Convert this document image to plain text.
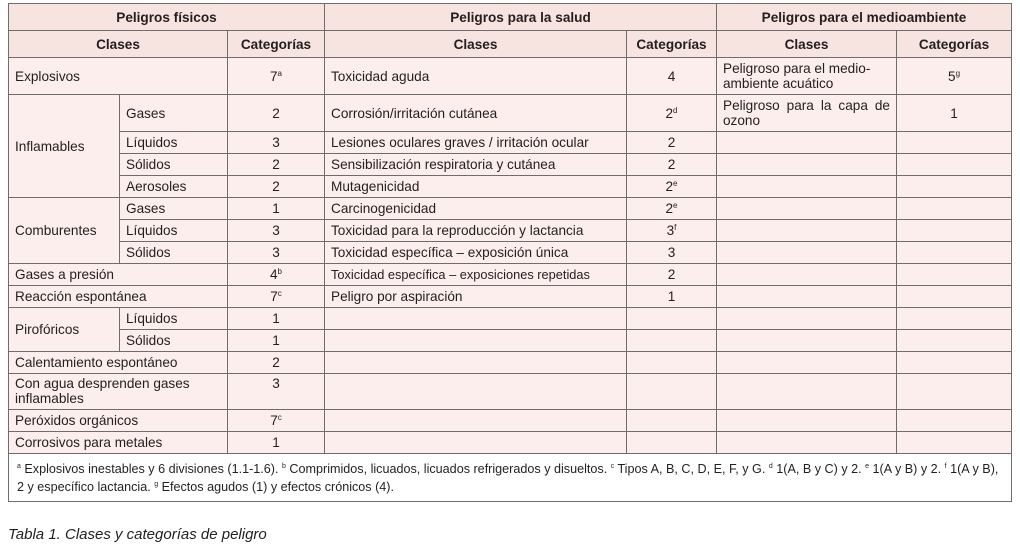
Peligros físicos			Peligros para la salud		Peligros para el medioambiente	
Clases		Categorías	Clases	Categorías	Clases	Categorías
Explosivos		7$^a$	Toxicidad aguda	4	Peligroso para el medio-ambiente acuático	5$^g$
Inflamables	Gases	2	Corrosión/irritación cutánea	2$^d$	Peligroso para la capa de ozono	1
	Líquidos	3	Lesiones oculares graves / irritación ocular	2		
	Sólidos	2	Sensibilización respiratoria y cutánea	2		
	Aerosoles	2	Mutagenicidad	2e		
Comburentes	Gases	1	Carcinogenicidad	2e		
	Líquidos	3	Toxicidad para la reproducción y lactancia	3$^f$		
	Sólidos	3	Toxicidad específica – exposición única	3		
Gases a presión		4$^b$	Toxicidad específica – exposiciones repetidas	2		
Reacción espontánea		7$^c$	Peligro por aspiración	1		
Pirofóricos	Líquidos	1				
	Sólidos	1				
Calentamiento espontáneo		2				
Con agua desprenden gases inflamables		3				
Peróxidos orgánicos		7$^c$				
Corrosivos para metales		1				
$^a$ Explosivos inestables y 6 divisiones (1.1-1.6). $^b$ Comprimidos, licuados, licuados refrigerados y disueltos. $^c$ Tipos A, B, C, D, E, F, y G. $^d$ 1(A, B y C) y 2. $^e$ 1(A y B) y 2. $^f$ 1(A y B), 2 y específico lactancia. $^g$ Efectos agudos (1) y efectos crónicos (4).						
Tabla 1. Clases y categorías de peligro
